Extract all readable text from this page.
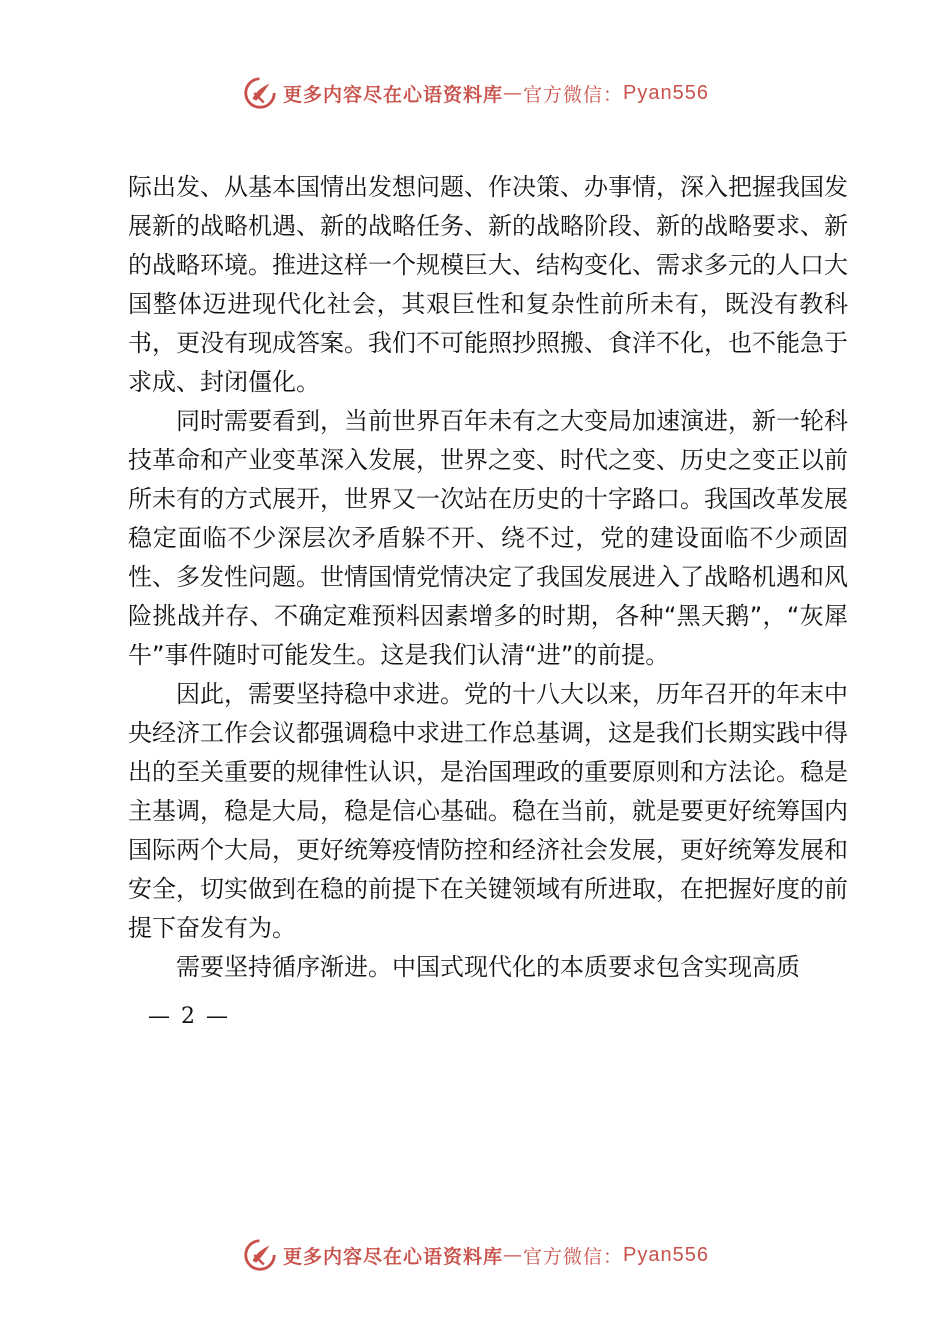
更多内容尽在心语资料库 — 官方微信： Pyan556

际出发、从基本国情出发想问题、作决策、办事情，深入把握我国发展新的战略机遇、新的战略任务、新的战略阶段、新的战略要求、新的战略环境。推进这样一个规模巨大、结构变化、需求多元的人口大国整体迈进现代化社会，其艰巨性和复杂性前所未有，既没有教科书，更没有现成答案。我们不可能照抄照搬、食洋不化，也不能急于求成、封闭僵化。

同时需要看到，当前世界百年未有之大变局加速演进，新一轮科技革命和产业变革深入发展，世界之变、时代之变、历史之变正以前所未有的方式展开，世界又一次站在历史的十字路口。我国改革发展稳定面临不少深层次矛盾躲不开、绕不过，党的建设面临不少顽固性、多发性问题。世情国情党情决定了我国发展进入了战略机遇和风险挑战并存、不确定难预料因素增多的时期，各种“黑天鹅”，“灰犀牛”事件随时可能发生。这是我们认清“进”的前提。

因此，需要坚持稳中求进。党的十八大以来，历年召开的年末中央经济工作会议都强调稳中求进工作总基调，这是我们长期实践中得出的至关重要的规律性认识，是治国理政的重要原则和方法论。稳是主基调，稳是大局，稳是信心基础。稳在当前，就是要更好统筹国内国际两个大局，更好统筹疫情防控和经济社会发展，更好统筹发展和安全，切实做到在稳的前提下在关键领域有所进取，在把握好度的前提下奋发有为。

需要坚持循序渐进。中国式现代化的本质要求包含实现高质

— 2 —
更多内容尽在心语资料库 — 官方微信： Pyan556
